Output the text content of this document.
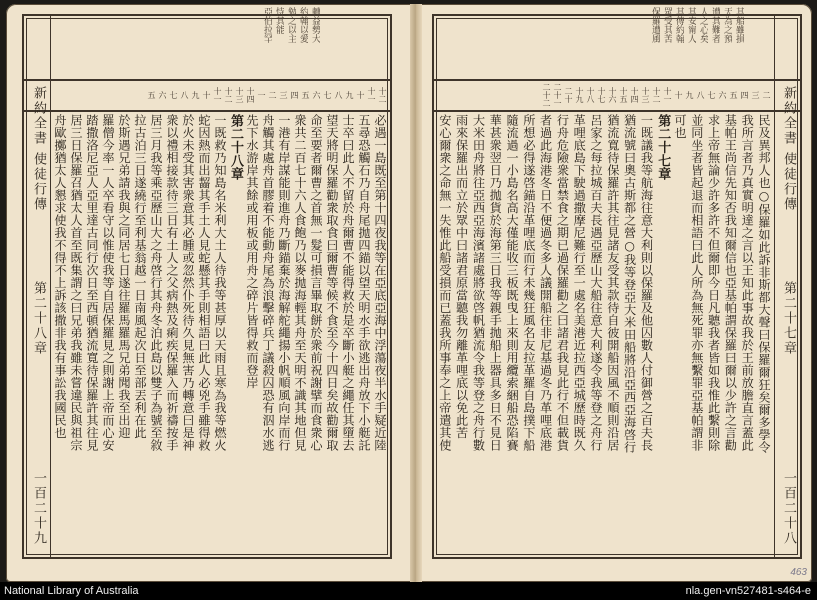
轉益勢大
約翰以愛
勉之以主
恃其能
亞伯拉罕
十二
十一
十
九
八
七
六
五
四
三
二
一
十四
十三
十二
十一
十
九
八
七
六
五
新約全書 使徒行傳
第二十八章
一百二十九
必遇一島既至第十四夜我等在亞底亞海中浮蕩夜半水手疑近陸
五尋恐觸石乃自舟尾拋四錨以望天明水手欲逃出舟放下小艇託
士卒曰此人不留於舟爾曹不能得救於是卒斷小艇之繩任其墮去
望天將明保羅勸衆取食曰爾曹等候不食至今十四日矣故勸爾取
命至要者爾曹之首無一髮可損言畢取餅於衆前祝謝擘而食衆心
衆共二百七十六人食飽乃以麥拋海輕其舟至天明不識其地但見
一港有岸謀能則進舟乃斷錨棄於海解舵繩揚小帆順風向岸而行
舟觸其處舟首膠着不能動舟尾為浪擊碎兵丁議殺囚恐有泅水逃
先下水游岸其餘或用板或用舟之碎片皆得救而登岸
第二十八章
一既救乃知島名米利大土人待我等甚厚以天雨且寒為我等燃火
蛇因熱而出齧其手土人見蛇懸其手則相語曰此人必兇手雖得救
於火未受其害衆意其必腫或忽然仆死待久見無害乃轉意曰是神
衆以禮相接款待三日有土人之父病熱及痢疾保羅入而祈禱按手
居三月我等乘亞歷山大之舟啓行其舟冬泊此島以雙子為號至敘
拉古泊三日遂繞行至利基翁越一日南風起次日至部丟利在此
於斯遇兄弟請我與之同居七日遂往羅馬羅馬兄弟聞我至出迎
羅僧今率一人卒看守以惟使我等自居保羅見之則謝上帝而心安
踏撒洛尼亞人亞里達古同行次日至西頓猶流寬待保羅許其往見
居三日保羅召猶太人首至既集謂之曰兄弟我雖未嘗違民與祖宗
舟歐擲猶太人懇求使我不得不上訴該撒非我有事訟我國民也
其船雖損
天為之預
遭其難者
人之心矣
其安甯人
其傳約翰
眾受其苦
保羅遭風
二
三
四
五
六
七
八
九
十
十一
十二
十三
十四
十五
十六
十七
十八
十九
二十
二十一
二十二	新約全書 使徒行傳
第二十七章
一百二十八
民及異邦人也○保羅如此訴非斯都大聲曰保羅爾狂矣爾多學令
我所言者乃真實明達之言以王知此事故我於王前放膽直言蓋此
基帕王尚信先知否我知爾信也亞基帕謂保羅曰爾以少許之言勸
求上帝無論少許多許不但爾即今日凡聽我者皆如我惟此繫則除
並同坐者皆起退而相語曰此人所為無死罪亦無繫罪亞基帕謂非
可也
第二十七章
一既議我等航海往意大利則以保羅及他囚數人付御營之百夫長
猶流號曰奧古斯都之營○我等登亞大米田船將沿亞西亞海啓行
猶流寬待保羅許其往見諸友受其款待自彼開船因風不順則沿居
呂家之每拉城百夫長遇亞歷山大船往意大利遂令我等登之舟行
革哩底島下駛過撒摩尼難行至一處名美港近拉西亞城歷時既久
行舟危險衆當禁食之期已過保羅勸之曰諸君我見此行不但載貨
者過此海港冬日不便過冬多人議開船往非尼基過冬乃革哩底港
所想必得遂啓錨沿革哩底而行未幾狂風名友拉革羅自島撲下船
隨流過一小島名高大僅能收三板既曳上來則用纜索綑船恐陷賽
華甚衆翌日乃拋貨於海第三日我等親手拋船上器具多日不見日
大米田舟將往亞西亞海濱諸處將欲啓帆猶流令我等登之舟行數
雨來保羅出而立於眾中曰諸君原當聽我勿離革哩底以免此苦
安心爾衆之命無一失惟此船受損而已蓋我所事奉之上帝遣其使
463
National Library of Australia	nla.gen-vn527481-s464-e
